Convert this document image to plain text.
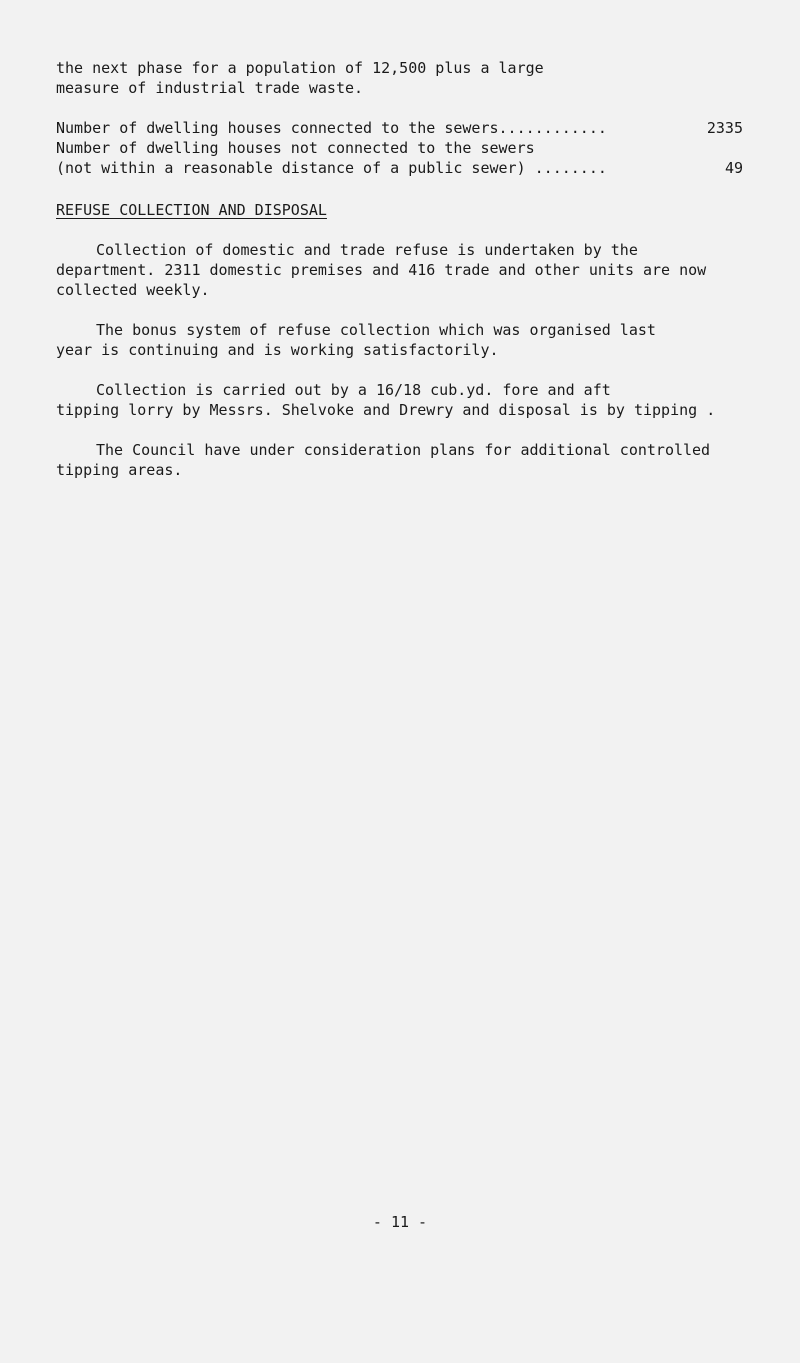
the next phase for a population of 12,500 plus a large

measure of industrial trade waste.

Number of dwelling houses connected to the sewers............	2335

Number of dwelling houses not connected to the sewers

(not within a reasonable distance of a public sewer) ........	49
REFUSE COLLECTION AND DISPOSAL

Collection of domestic and trade refuse is undertaken by the

department. 2311 domestic premises and 416 trade and other units are now

collected weekly.

The bonus system of refuse collection which was organised last

year is continuing and is working satisfactorily.

Collection is carried out by a 16/18 cub.yd. fore and aft

tipping lorry by Messrs. Shelvoke and Drewry and disposal is by tipping .

The Council have under consideration plans for additional controlled

tipping areas.

- 11 -
